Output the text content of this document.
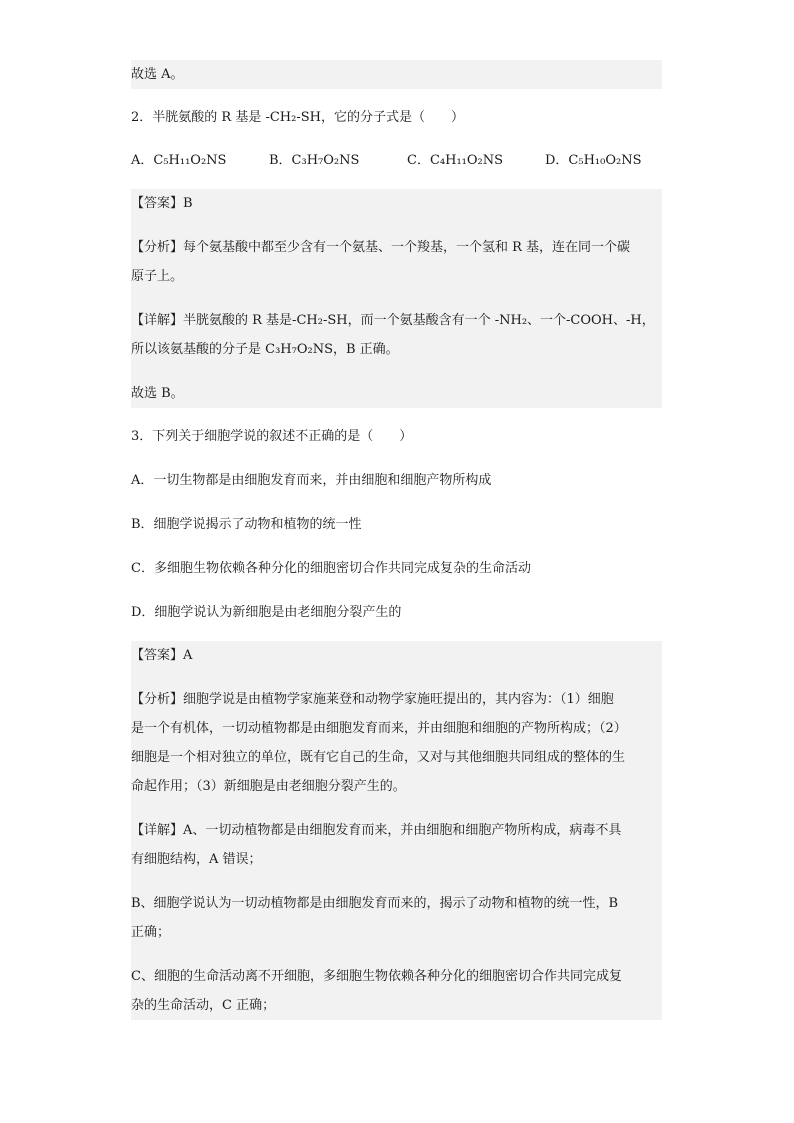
故选 A。
2．半胱氨酸的 R 基是 -CH₂-SH，它的分子式是（　　）
A．C₅H₁₁O₂NS	B．C₃H₇O₂NS	C．C₄H₁₁O₂NS	D．C₅H₁₀O₂NS
【答案】B
【分析】每个氨基酸中都至少含有一个氨基、一个羧基，一个氢和 R 基，连在同一个碳
原子上。
【详解】半胱氨酸的 R 基是-CH₂-SH，而一个氨基酸含有一个 -NH₂、一个-COOH、-H，
所以该氨基酸的分子是 C₃H₇O₂NS，B 正确。
故选 B。
3．下列关于细胞学说的叙述不正确的是（　　）
A．一切生物都是由细胞发育而来，并由细胞和细胞产物所构成
B．细胞学说揭示了动物和植物的统一性
C．多细胞生物依赖各种分化的细胞密切合作共同完成复杂的生命活动
D．细胞学说认为新细胞是由老细胞分裂产生的
【答案】A
【分析】细胞学说是由植物学家施莱登和动物学家施旺提出的，其内容为：（1）细胞
是一个有机体，一切动植物都是由细胞发育而来，并由细胞和细胞的产物所构成；（2）
细胞是一个相对独立的单位，既有它自己的生命，又对与其他细胞共同组成的整体的生
命起作用；（3）新细胞是由老细胞分裂产生的。
【详解】A、一切动植物都是由细胞发育而来，并由细胞和细胞产物所构成，病毒不具
有细胞结构，A 错误；
B、细胞学说认为一切动植物都是由细胞发育而来的，揭示了动物和植物的统一性，B
正确；
C、细胞的生命活动离不开细胞，多细胞生物依赖各种分化的细胞密切合作共同完成复
杂的生命活动，C 正确；
